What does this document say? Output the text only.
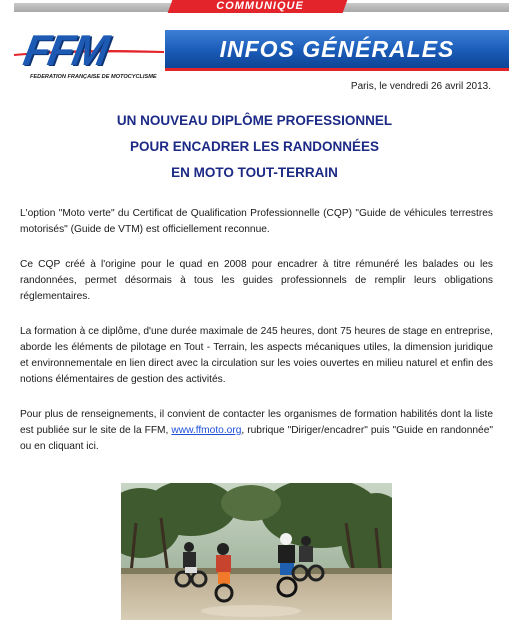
COMMUNIQUE
FFM
FEDERATION FRANÇAISE DE MOTOCYCLISME
INFOS GÉNÉRALES
Paris, le vendredi 26 avril 2013.
UN NOUVEAU DIPLÔME PROFESSIONNEL
POUR ENCADRER LES RANDONNÉES
EN MOTO TOUT-TERRAIN

L'option "Moto verte" du Certificat de Qualification Professionnelle (CQP) "Guide de véhicules terrestres motorisés" (Guide de VTM) est officiellement reconnue.

Ce CQP créé à l'origine pour le quad en 2008 pour encadrer à titre rémunéré les balades ou les randonnées, permet désormais à tous les guides professionnels de remplir leurs obligations réglementaires.

La formation à ce diplôme, d'une durée maximale de 245 heures, dont 75 heures de stage en entreprise, aborde les éléments de pilotage en Tout - Terrain, les aspects mécaniques utiles, la dimension juridique et environnementale en lien direct avec la circulation sur les voies ouvertes en milieu naturel et enfin des notions élémentaires de gestion des activités.

Pour plus de renseignements, il convient de contacter les organismes de formation habilités dont la liste est publiée sur le site de la FFM, www.ffmoto.org, rubrique "Diriger/encadrer" puis "Guide en randonnée" ou en cliquant ici.
